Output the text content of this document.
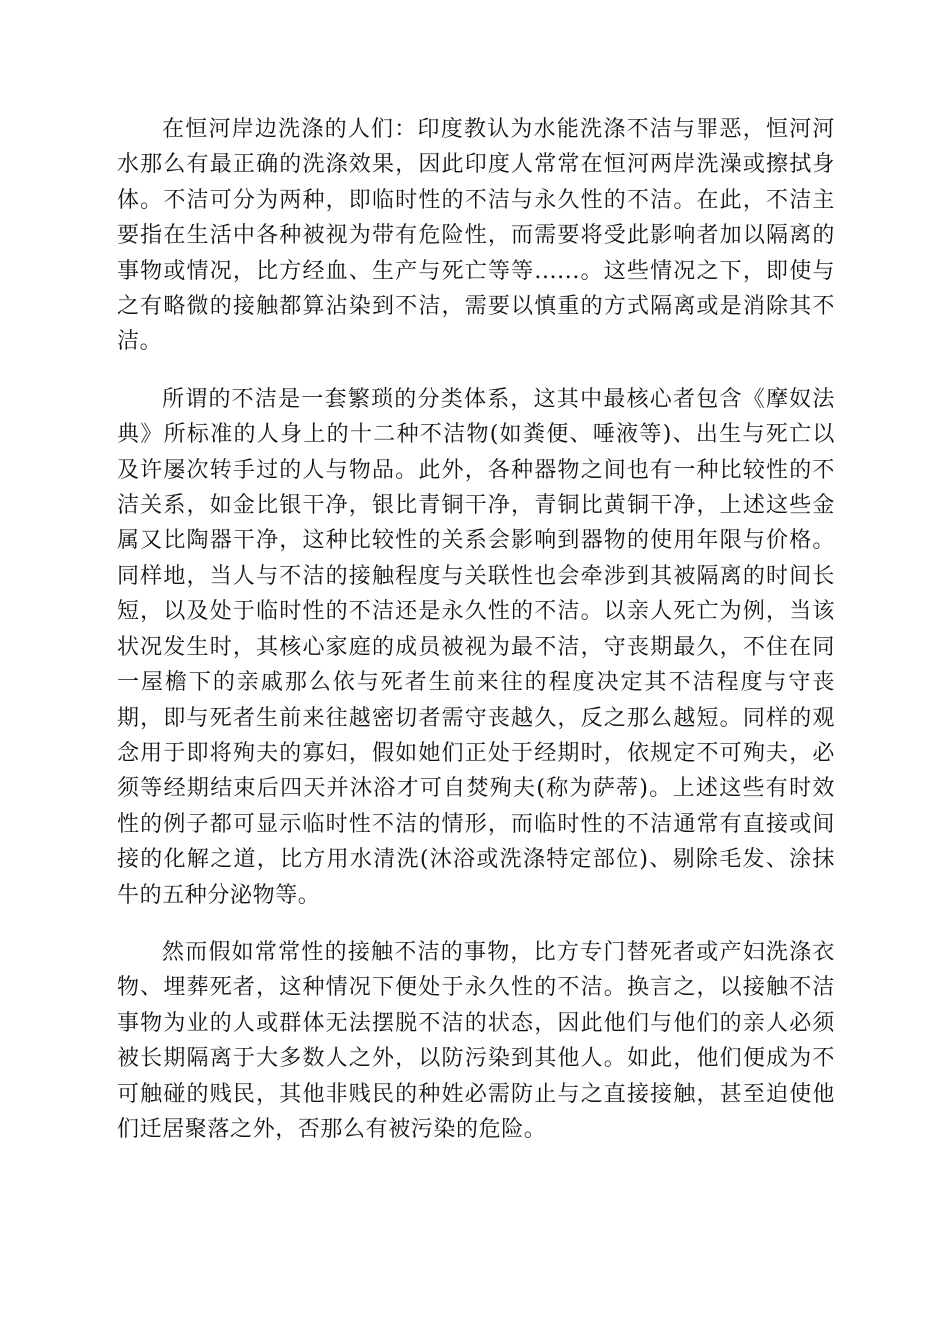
在恒河岸边洗涤的人们：印度教认为水能洗涤不洁与罪恶，恒河河水那么有最正确的洗涤效果，因此印度人常常在恒河两岸洗澡或擦拭身体。不洁可分为两种，即临时性的不洁与永久性的不洁。在此，不洁主要指在生活中各种被视为带有危险性，而需要将受此影响者加以隔离的事物或情况，比方经血、生产与死亡等等......。这些情况之下，即使与之有略微的接触都算沾染到不洁，需要以慎重的方式隔离或是消除其不洁。

所谓的不洁是一套繁琐的分类体系，这其中最核心者包含《摩奴法典》所标准的人身上的十二种不洁物(如粪便、唾液等)、出生与死亡以及许屡次转手过的人与物品。此外，各种器物之间也有一种比较性的不洁关系，如金比银干净，银比青铜干净，青铜比黄铜干净，上述这些金属又比陶器干净，这种比较性的关系会影响到器物的使用年限与价格。同样地，当人与不洁的接触程度与关联性也会牵涉到其被隔离的时间长短，以及处于临时性的不洁还是永久性的不洁。以亲人死亡为例，当该状况发生时，其核心家庭的成员被视为最不洁，守丧期最久，不住在同一屋檐下的亲戚那么依与死者生前来往的程度决定其不洁程度与守丧期，即与死者生前来往越密切者需守丧越久，反之那么越短。同样的观念用于即将殉夫的寡妇，假如她们正处于经期时，依规定不可殉夫，必须等经期结束后四天并沐浴才可自焚殉夫(称为萨蒂)。上述这些有时效性的例子都可显示临时性不洁的情形，而临时性的不洁通常有直接或间接的化解之道，比方用水清洗(沐浴或洗涤特定部位)、剔除毛发、涂抹牛的五种分泌物等。

然而假如常常性的接触不洁的事物，比方专门替死者或产妇洗涤衣物、埋葬死者，这种情况下便处于永久性的不洁。换言之，以接触不洁事物为业的人或群体无法摆脱不洁的状态，因此他们与他们的亲人必须被长期隔离于大多数人之外，以防污染到其他人。如此，他们便成为不可触碰的贱民，其他非贱民的种姓必需防止与之直接接触，甚至迫使他们迁居聚落之外，否那么有被污染的危险。
